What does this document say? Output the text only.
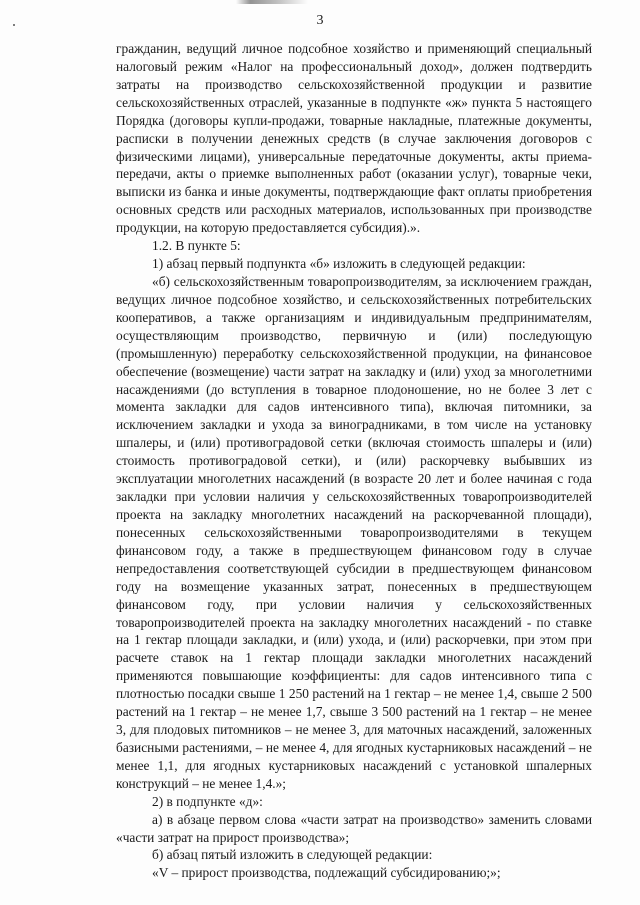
3

гражданин, ведущий личное подсобное хозяйство и применяющий специальный налоговый режим «Налог на профессиональный доход», должен подтвердить затраты на производство сельскохозяйственной продукции и развитие сельскохозяйственных отраслей, указанные в подпункте «ж» пункта 5 настоящего Порядка (договоры купли-продажи, товарные накладные, платежные документы, расписки в получении денежных средств (в случае заключения договоров с физическими лицами), универсальные передаточные документы, акты приема-передачи, акты о приемке выполненных работ (оказании услуг), товарные чеки, выписки из банка и иные документы, подтверждающие факт оплаты приобретения основных средств или расходных материалов, использованных при производстве продукции, на которую предоставляется субсидия).».

1.2. В пункте 5:

1) абзац первый подпункта «б» изложить в следующей редакции:

«б) сельскохозяйственным товаропроизводителям, за исключением граждан, ведущих личное подсобное хозяйство, и сельскохозяйственных потребительских кооперативов, а также организациям и индивидуальным предпринимателям, осуществляющим производство, первичную и (или) последующую (промышленную) переработку сельскохозяйственной продукции, на финансовое обеспечение (возмещение) части затрат на закладку и (или) уход за многолетними насаждениями (до вступления в товарное плодоношение, но не более 3 лет с момента закладки для садов интенсивного типа), включая питомники, за исключением закладки и ухода за виноградниками, в том числе на установку шпалеры, и (или) противоградовой сетки (включая стоимость шпалеры и (или) стоимость противоградовой сетки), и (или) раскорчевку выбывших из эксплуатации многолетних насаждений (в возрасте 20 лет и более начиная с года закладки при условии наличия у сельскохозяйственных товаропроизводителей проекта на закладку многолетних насаждений на раскорчеванной площади), понесенных сельскохозяйственными товаропроизводителями в текущем финансовом году, а также в предшествующем финансовом году в случае непредоставления соответствующей субсидии в предшествующем финансовом году на возмещение указанных затрат, понесенных в предшествующем финансовом году, при условии наличия у сельскохозяйственных товаропроизводителей проекта на закладку многолетних насаждений - по ставке на 1 гектар площади закладки, и (или) ухода, и (или) раскорчевки, при этом при расчете ставок на 1 гектар площади закладки многолетних насаждений применяются повышающие коэффициенты: для садов интенсивного типа с плотностью посадки свыше 1 250 растений на 1 гектар – не менее 1,4, свыше 2 500 растений на 1 гектар – не менее 1,7, свыше 3 500 растений на 1 гектар – не менее 3, для плодовых питомников – не менее 3, для маточных насаждений, заложенных базисными растениями, – не менее 4, для ягодных кустарниковых насаждений – не менее 1,1, для ягодных кустарниковых насаждений с установкой шпалерных конструкций – не менее 1,4.»;

2) в подпункте «д»:

а) в абзаце первом слова «части затрат на производство» заменить словами «части затрат на прирост производства»;

б) абзац пятый изложить в следующей редакции:

«V – прирост производства, подлежащий субсидированию;»;
